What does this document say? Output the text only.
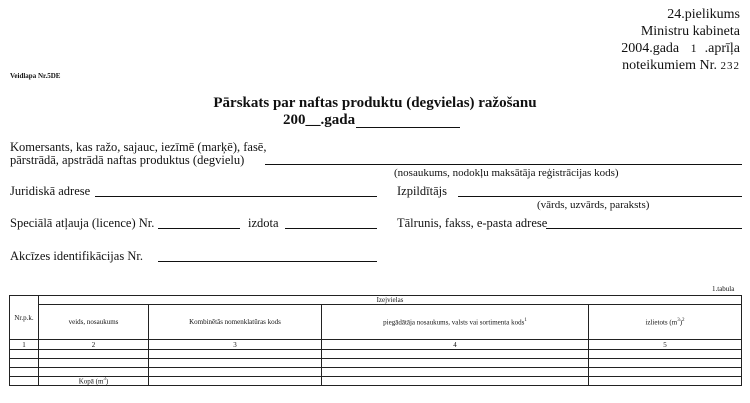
24.pielikums
Ministru kabineta
2004.gada 1 .aprīļa
noteikumiem Nr. 232
Veidlapa Nr.5DE
Pārskats par naftas produktu (degvielas) ražošanu
200__.gada
Komersants, kas ražo, sajauc, iezīmē (marķē), fasē,
pārstrādā, apstrādā naftas produktus (degvielu)
(nosaukums, nodokļu maksātāja reģistrācijas kods)
Juridiskā adrese	Izpildītājs
(vārds, uzvārds, paraksts)
Speciālā atļauja (licence) Nr.	izdota	Tālrunis, fakss, e-pasta adrese
Akcīzes identifikācijas Nr.
1.tabula
Nr.p.k.	Izejvielas			
	veids, nosaukums	Kombinētās nomenklatūras kods	piegādātāja nosaukums, valsts vai sortimenta kods$^1$	izlietots $(m^3)^2$
1	2	3	4	5

	Kopā $(m^3)$			
